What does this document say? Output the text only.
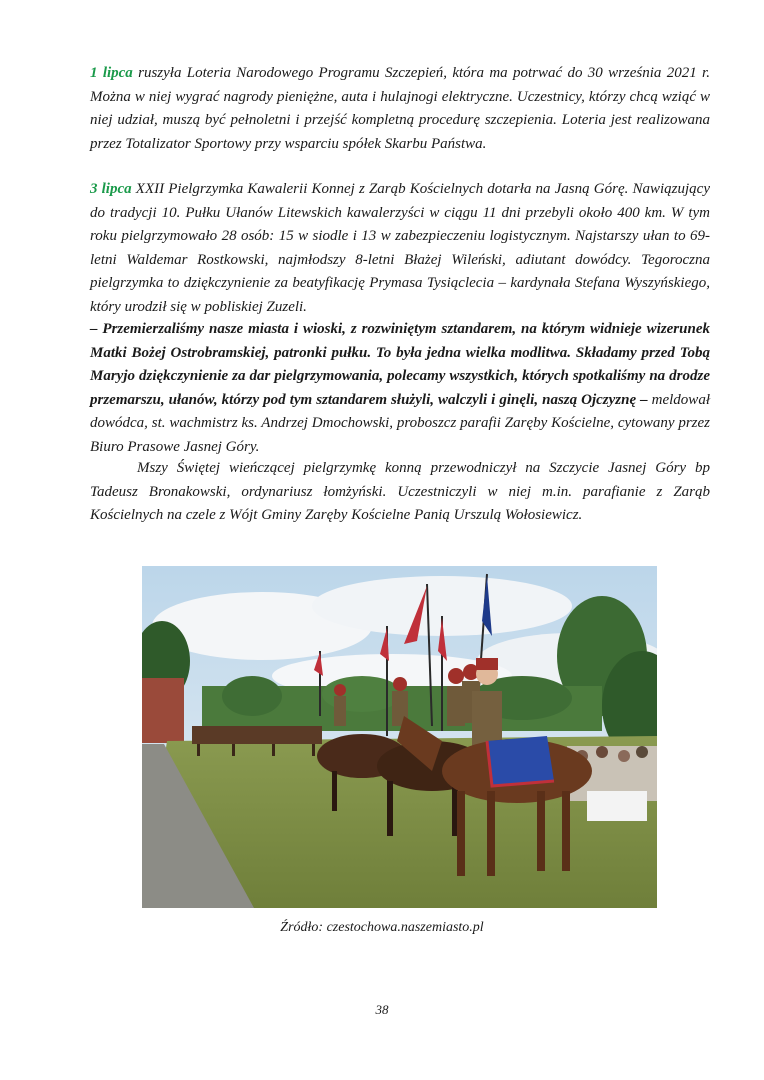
1 lipca ruszyła Loteria Narodowego Programu Szczepień, która ma potrwać do 30 września 2021 r. Można w niej wygrać nagrody pieniężne, auta i hulajnogi elektryczne. Uczestnicy, którzy chcą wziąć w niej udział, muszą być pełnoletni i przejść kompletną procedurę szczepienia. Loteria jest realizowana przez Totalizator Sportowy przy wsparciu spółek Skarbu Państwa.

3 lipca XXII Pielgrzymka Kawalerii Konnej z Zarąb Kościelnych dotarła na Jasną Górę. Nawiązujący do tradycji 10. Pułku Ułanów Litewskich kawalerzyści w ciągu 11 dni przebyli około 400 km. W tym roku pielgrzymowało 28 osób: 15 w siodle i 13 w zabezpieczeniu logistycznym. Najstarszy ułan to 69-letni Waldemar Rostkowski, najmłodszy 8-letni Błażej Wileński, adiutant dowódcy. Tegoroczna pielgrzymka to dziękczynienie za beatyfikację Prymasa Tysiąclecia – kardynała Stefana Wyszyńskiego, który urodził się w pobliskiej Zuzeli.

– Przemierzaliśmy nasze miasta i wioski, z rozwiniętym sztandarem, na którym widnieje wizerunek Matki Bożej Ostrobramskiej, patronki pułku. To była jedna wielka modlitwa. Składamy przed Tobą Maryjo dziękczynienie za dar pielgrzymowania, polecamy wszystkich, których spotkaliśmy na drodze przemarszu, ułanów, którzy pod tym sztandarem służyli, walczyli i ginęli, naszą Ojczyznę – meldował dowódca, st. wachmistrz ks. Andrzej Dmochowski, proboszcz parafii Zaręby Kościelne, cytowany przez Biuro Prasowe Jasnej Góry.

Mszy Świętej wieńczącej pielgrzymkę konną przewodniczył na Szczycie Jasnej Góry bp Tadeusz Bronakowski, ordynariusz łomżyński. Uczestniczyli w niej m.in. parafianie z Zarąb Kościelnych na czele z Wójt Gminy Zaręby Kościelne Panią Urszulą Wołosiewicz.

Źródło: czestochowa.naszemiasto.pl
38
